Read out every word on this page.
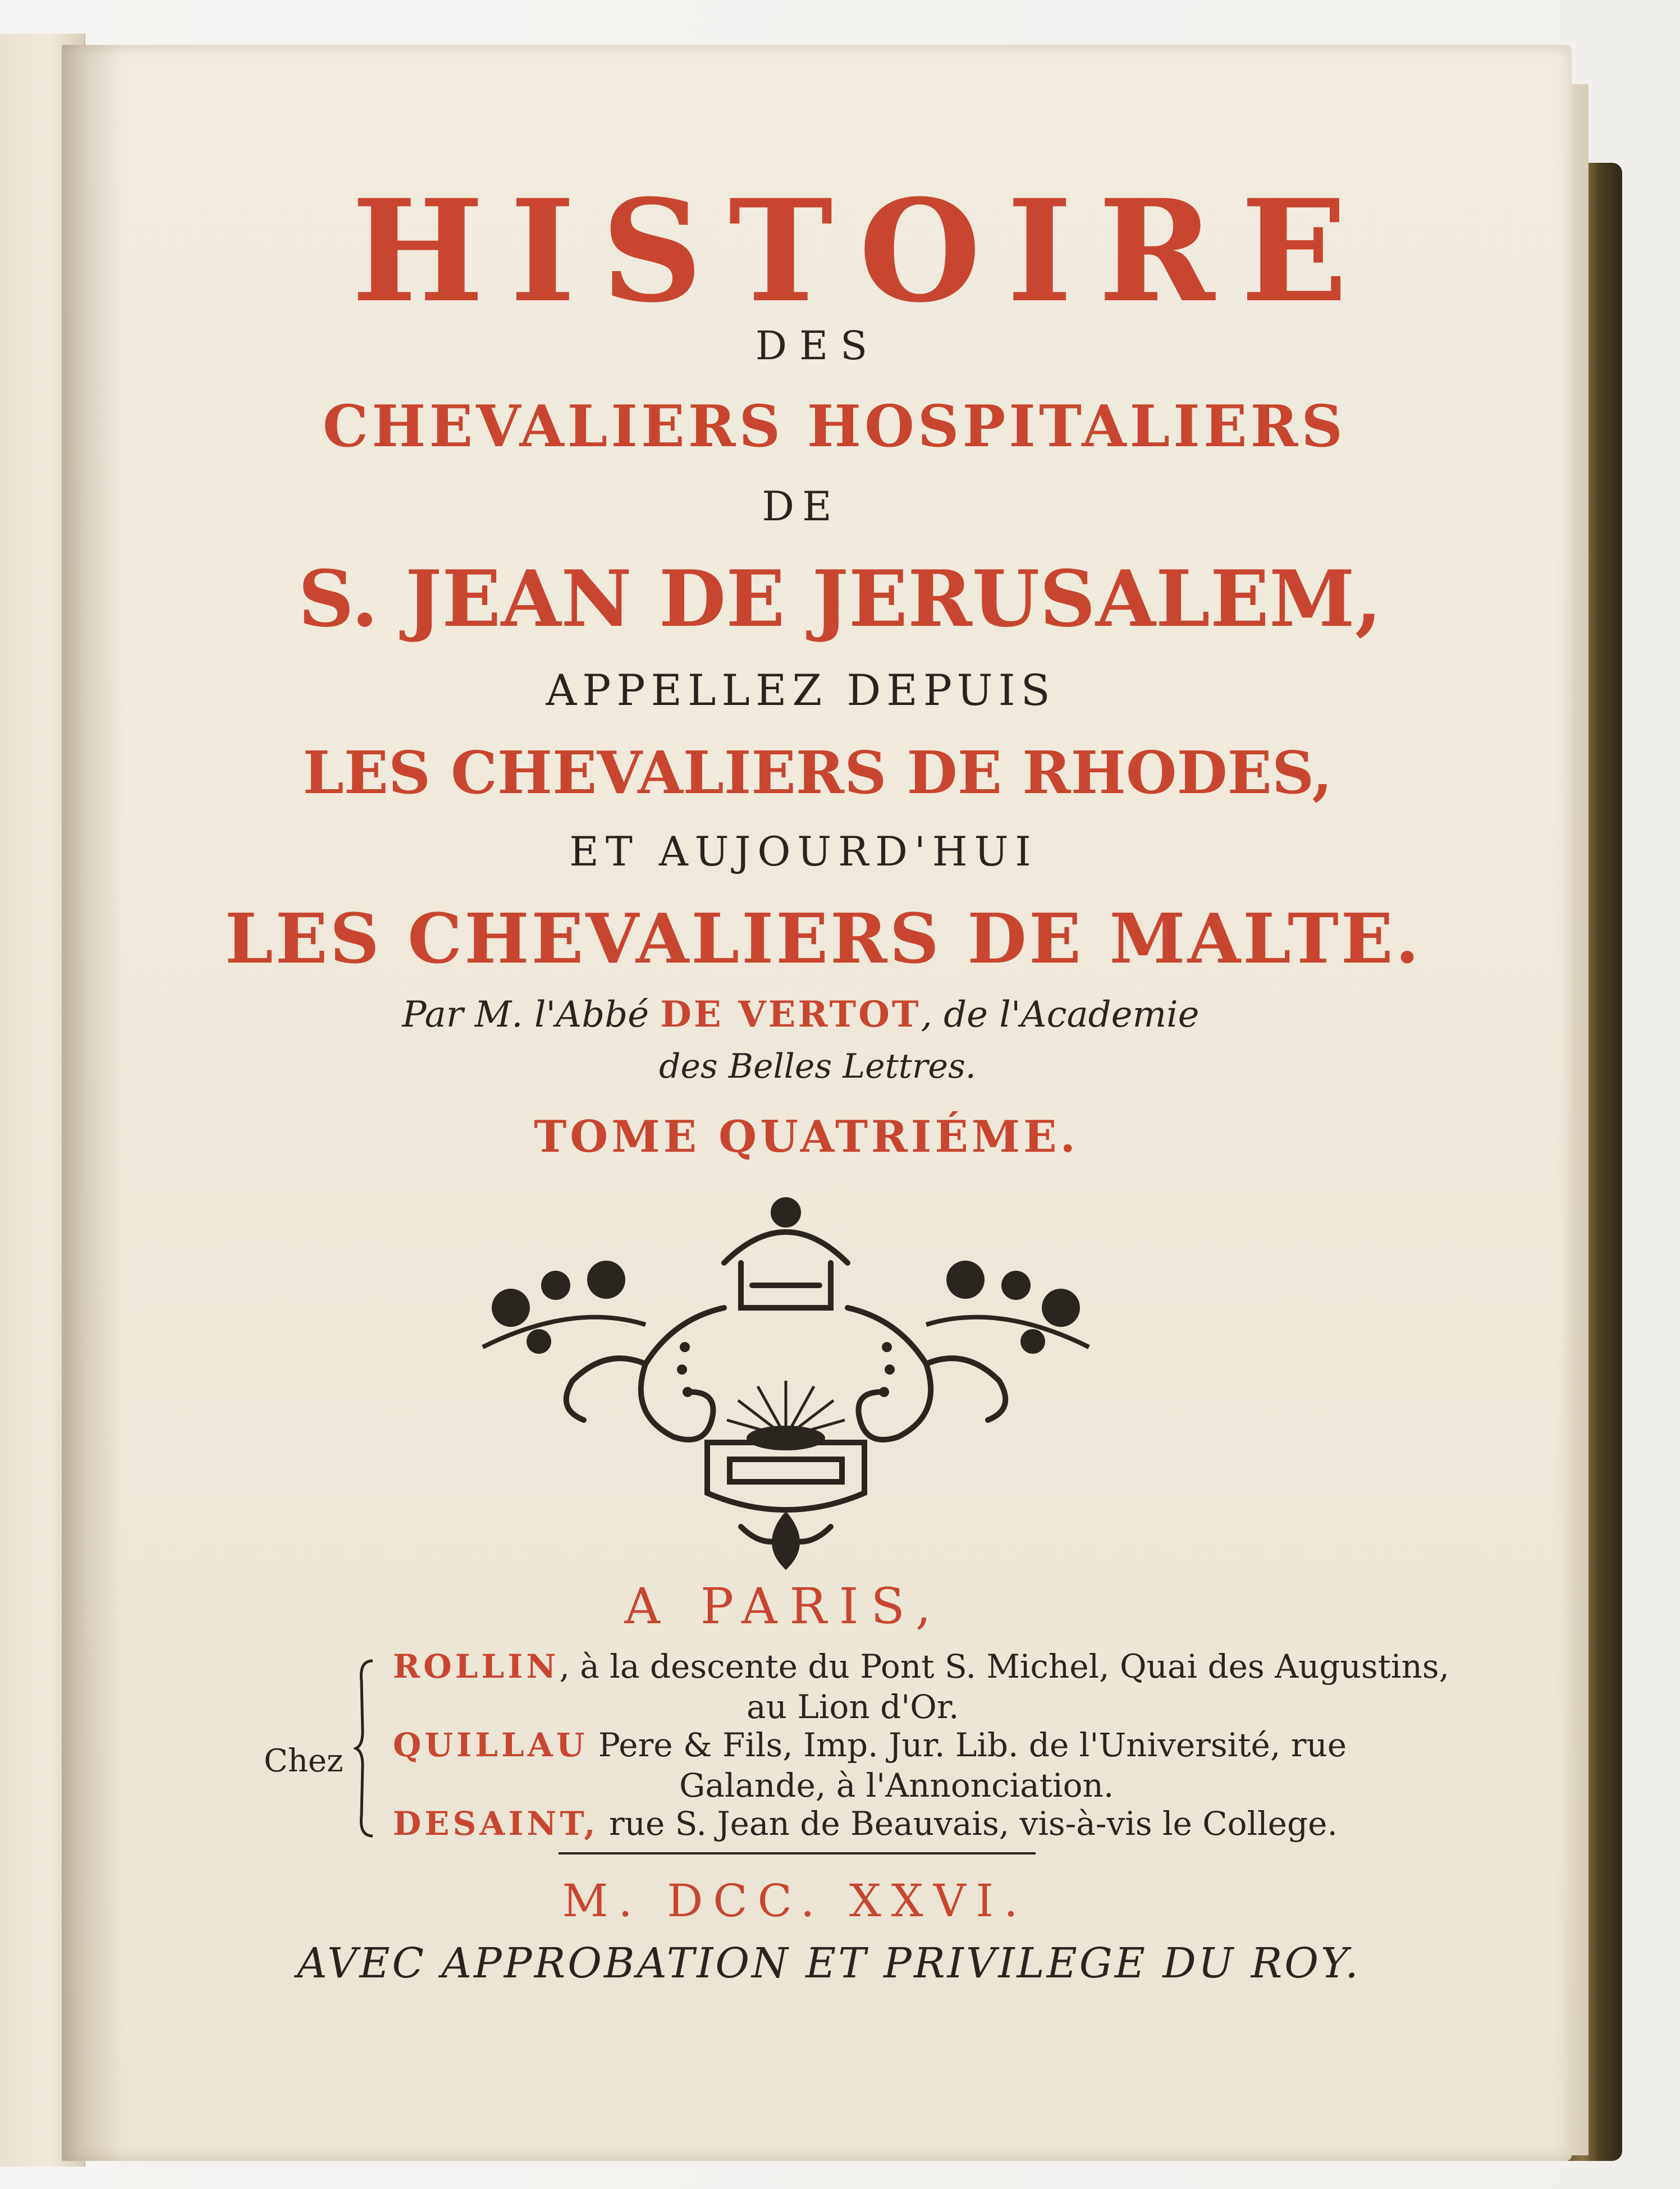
HISTOIRE
DES
CHEVALIERS HOSPITALIERS
DE
S. JEAN DE JERUSALEM,
APPELLEZ DEPUIS
LES CHEVALIERS DE RHODES,
ET AUJOURD'HUI
LES CHEVALIERS DE MALTE.
Par M. l'Abbé DE VERTOT, de l'Academie
des Belles Lettres.
TOME QUATRIÉME.
A PARIS,
Chez
ROLLIN, à la descente du Pont S. Michel, Quai des Augustins,
au Lion d'Or.
QUILLAU Pere & Fils, Imp. Jur. Lib. de l'Université, rue
Galande, à l'Annonciation.
DESAINT, rue S. Jean de Beauvais, vis-à-vis le College.
M. DCC. XXVI.
AVEC APPROBATION ET PRIVILEGE DU ROY.
